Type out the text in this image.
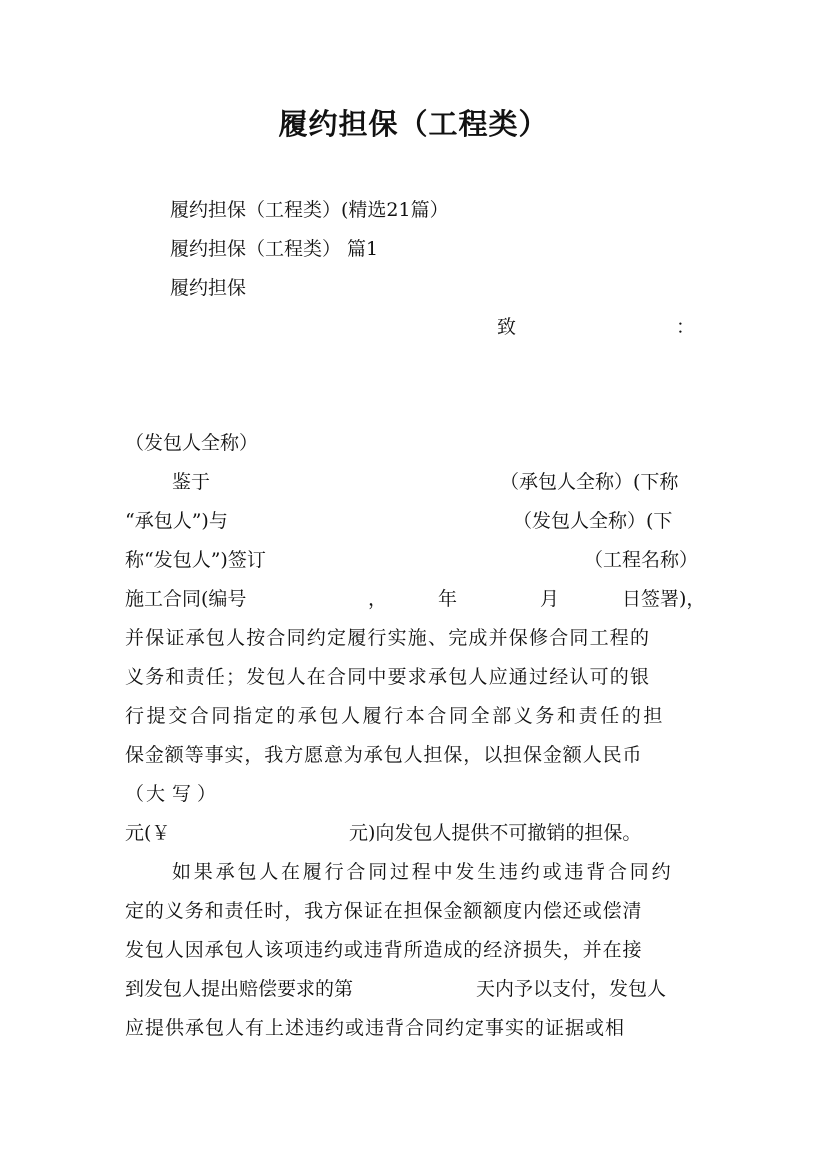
履约担保（工程类）
履约担保（工程类）(精选21篇）
履约担保（工程类） 篇1
履约担保
致	：
（发包人全称）
鉴于	（承包人全称）(下称
“承包人”)与	（发包人全称）(下
称“发包人”)签订	（工程名称）
施工合同(编号	，	年	月	日签署)，
并保证承包人按合同约定履行实施、完成并保修合同工程的
义务和责任；发包人在合同中要求承包人应通过经认可的银
行提交合同指定的承包人履行本合同全部义务和责任的担
保金额等事实，我方愿意为承包人担保，以担保金额人民币
（ 大 写 ）
元(￥	元)向发包人提供不可撤销的担保。
如果承包人在履行合同过程中发生违约或违背合同约
定的义务和责任时，我方保证在担保金额额度内偿还或偿清
发包人因承包人该项违约或违背所造成的经济损失，并在接
到发包人提出赔偿要求的第	天内予以支付，发包人
应提供承包人有上述违约或违背合同约定事实的证据或相
